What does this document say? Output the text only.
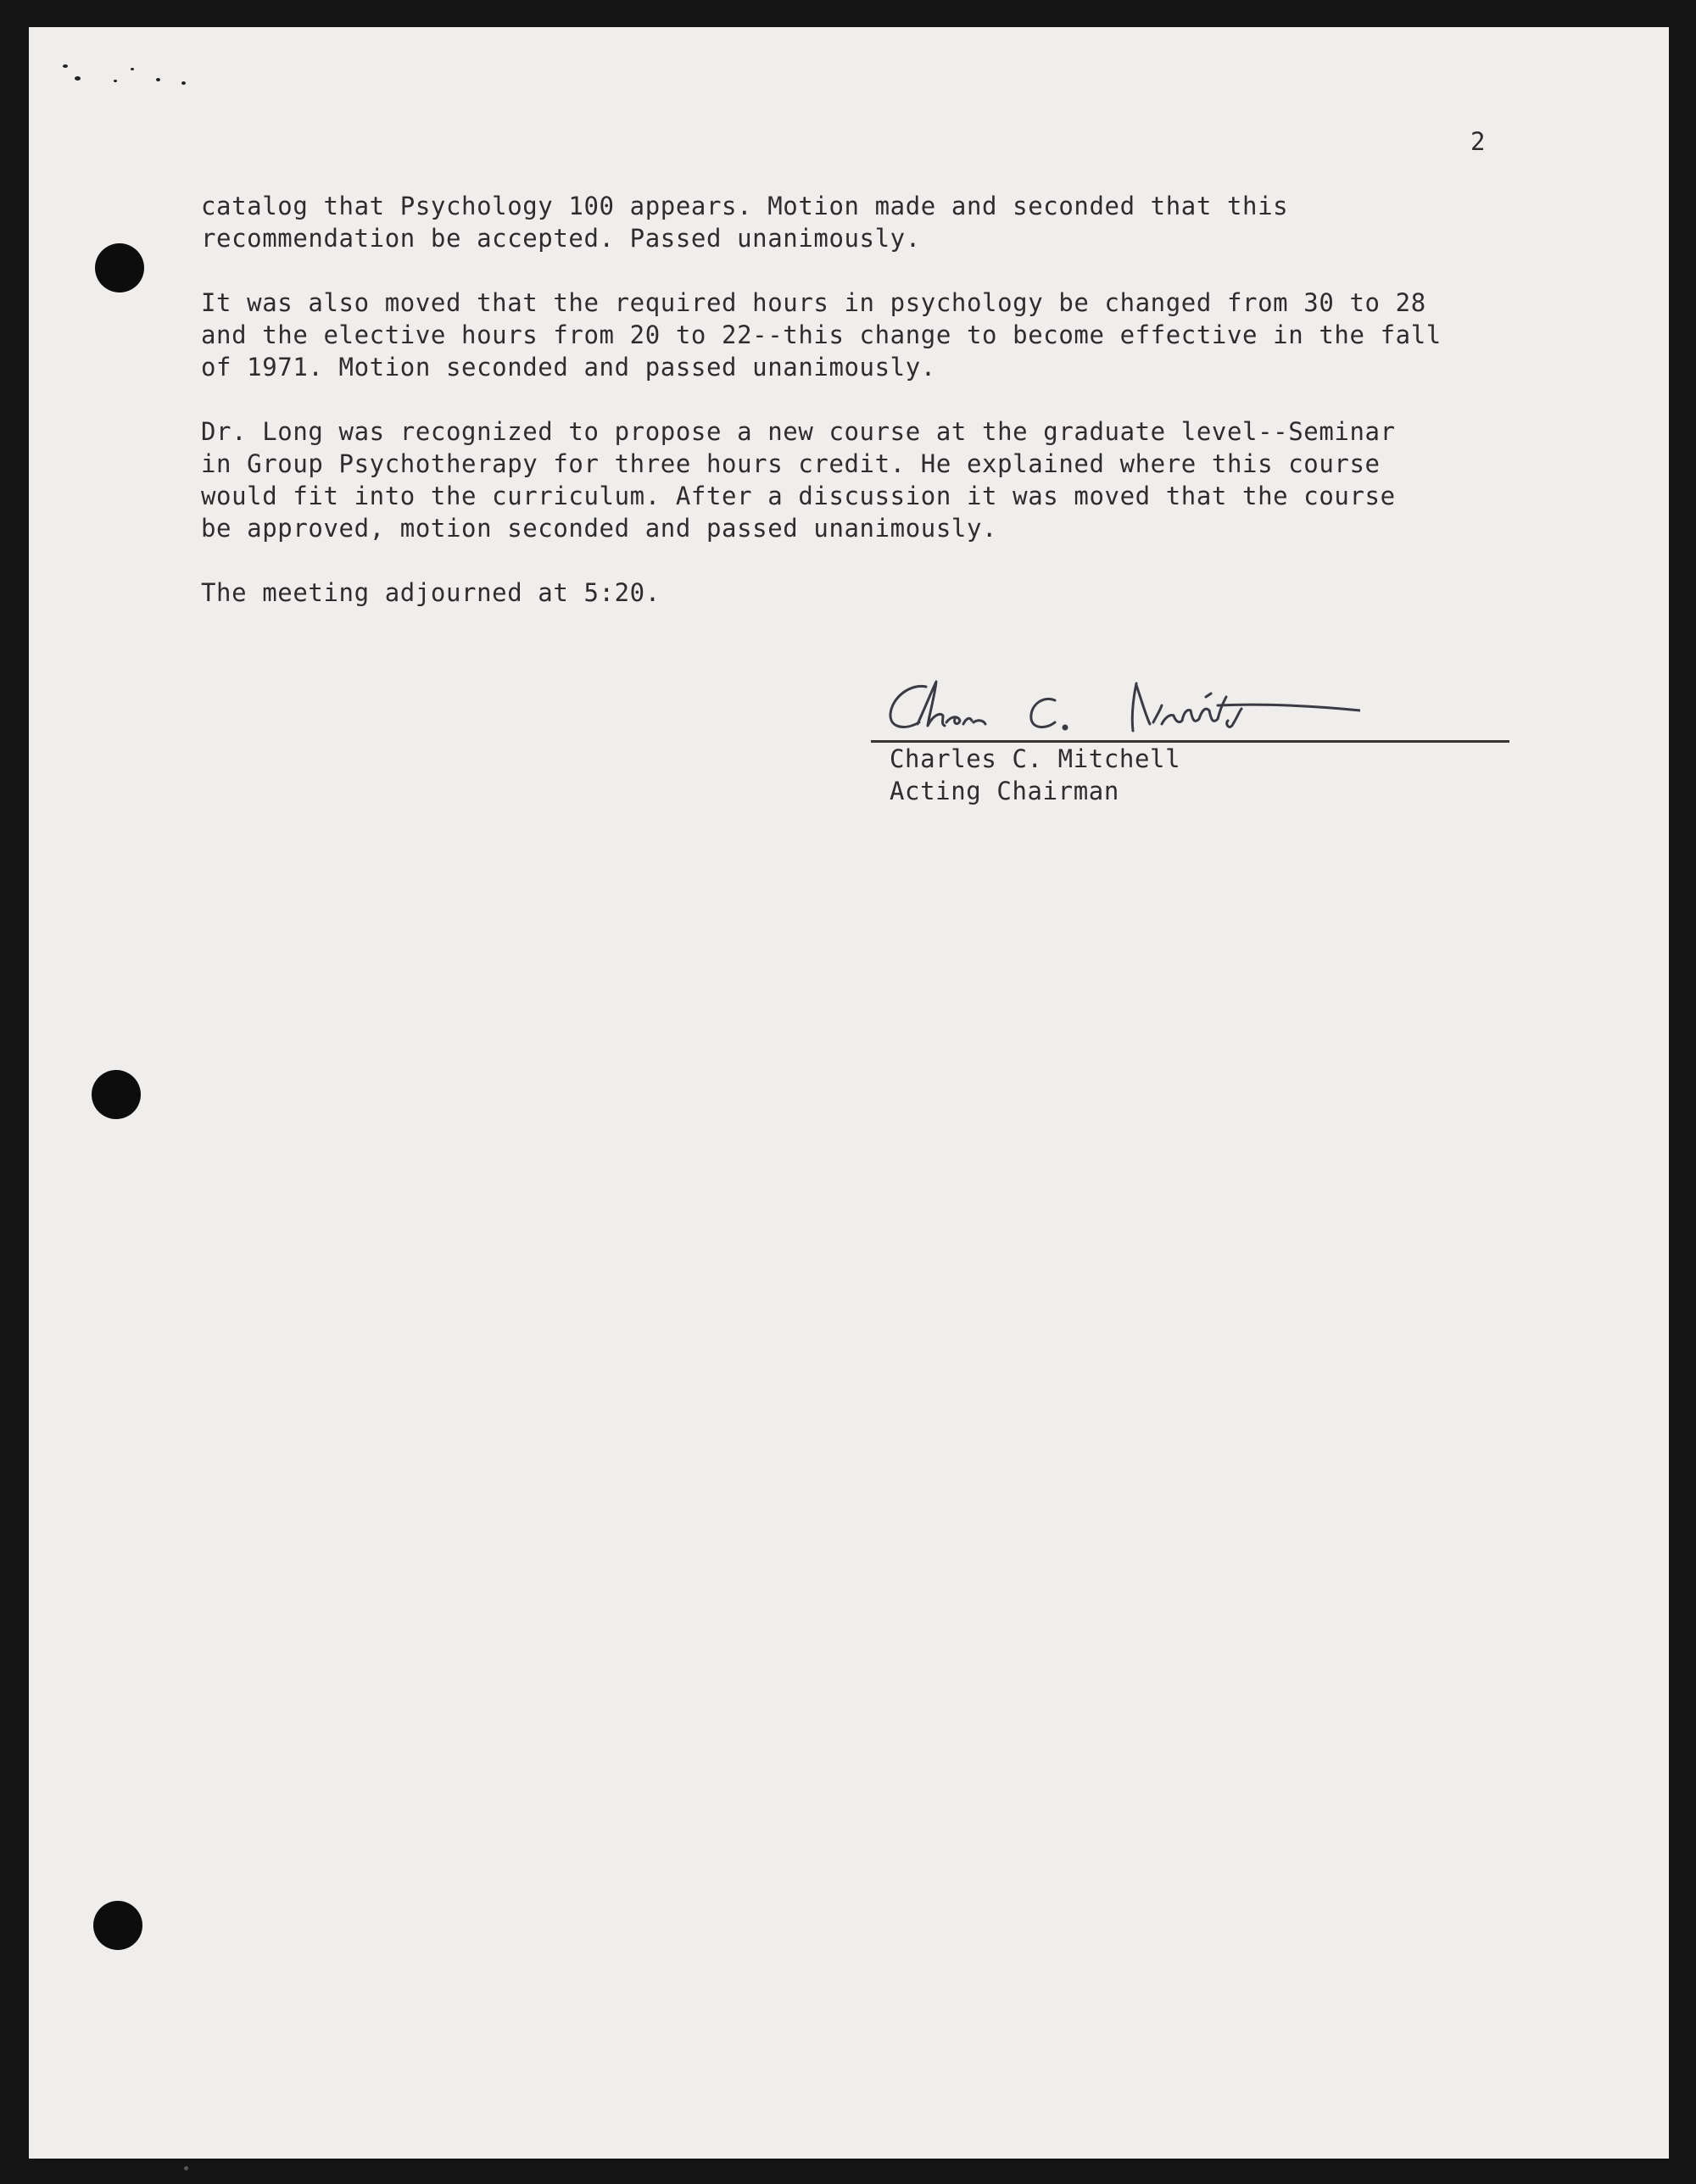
2

catalog that Psychology 100 appears. Motion made and seconded that this
recommendation be accepted. Passed unanimously.

It was also moved that the required hours in psychology be changed from 30 to 28
and the elective hours from 20 to 22--this change to become effective in the fall
of 1971. Motion seconded and passed unanimously.

Dr. Long was recognized to propose a new course at the graduate level--Seminar
in Group Psychotherapy for three hours credit. He explained where this course
would fit into the curriculum. After a discussion it was moved that the course
be approved, motion seconded and passed unanimously.

The meeting adjourned at 5:20.

Charles C. Mitchell
Acting Chairman
